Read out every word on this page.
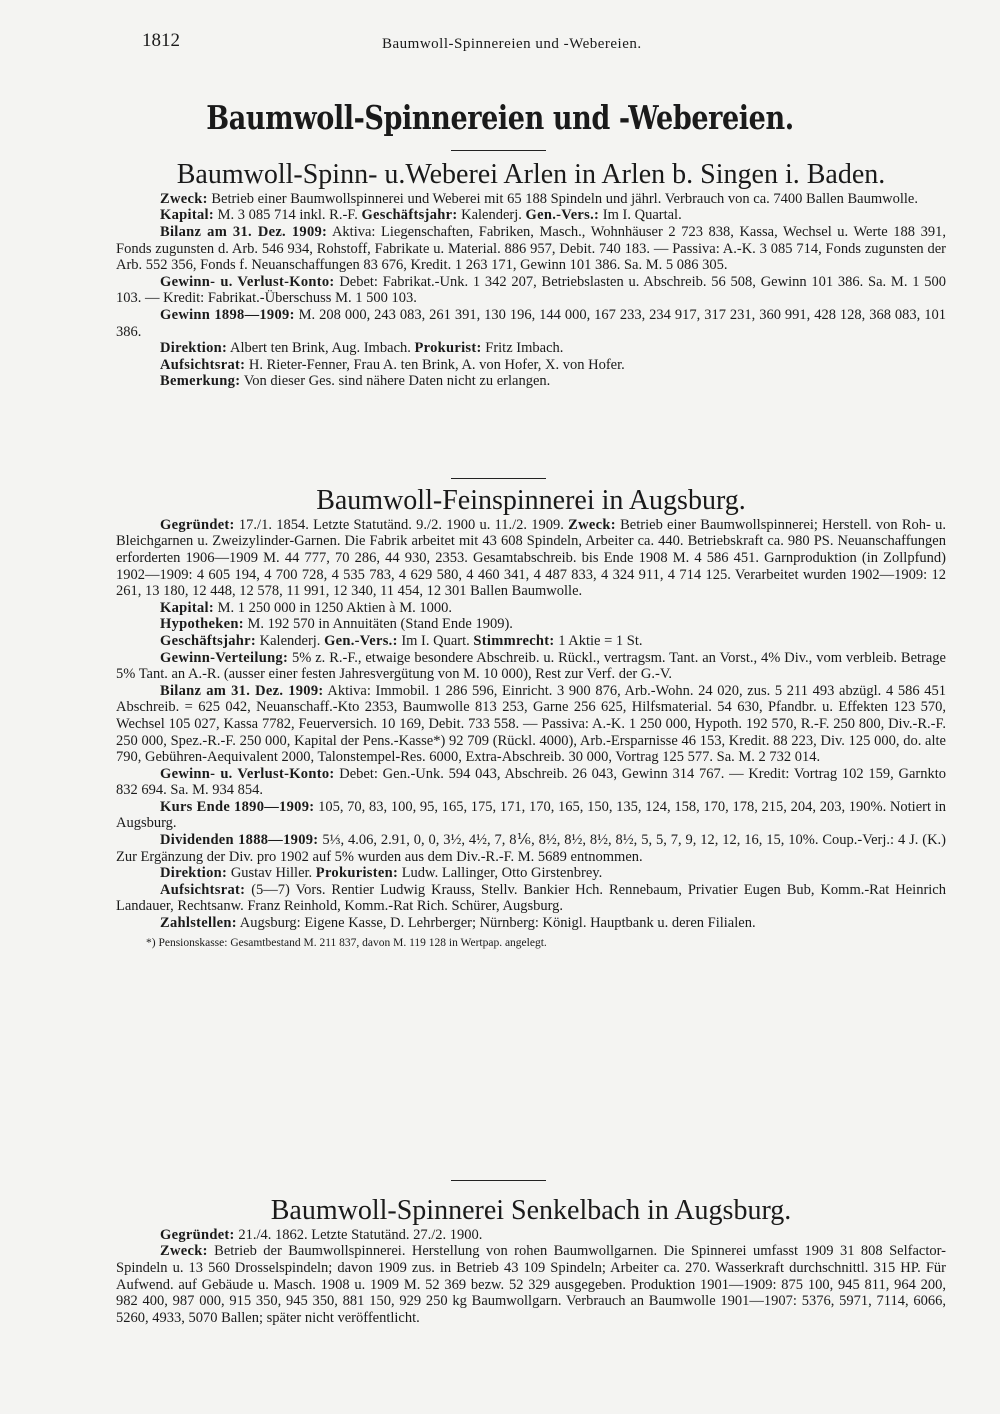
1812	Baumwoll-Spinnereien und -Webereien.
Baumwoll-Spinnereien und -Webereien.
Baumwoll-Spinn- u.Weberei Arlen in Arlen b. Singen i. Baden.

Zweck: Betrieb einer Baumwollspinnerei und Weberei mit 65 188 Spindeln und jährl. Verbrauch von ca. 7400 Ballen Baumwolle.

Kapital: M. 3 085 714 inkl. R.-F. Geschäftsjahr: Kalenderj. Gen.-Vers.: Im I. Quartal.

Bilanz am 31. Dez. 1909: Aktiva: Liegenschaften, Fabriken, Masch., Wohnhäuser 2 723 838, Kassa, Wechsel u. Werte 188 391, Fonds zugunsten d. Arb. 546 934, Rohstoff, Fabrikate u. Material. 886 957, Debit. 740 183. — Passiva: A.-K. 3 085 714, Fonds zugunsten der Arb. 552 356, Fonds f. Neuanschaffungen 83 676, Kredit. 1 263 171, Gewinn 101 386. Sa. M. 5 086 305.

Gewinn- u. Verlust-Konto: Debet: Fabrikat.-Unk. 1 342 207, Betriebslasten u. Abschreib. 56 508, Gewinn 101 386. Sa. M. 1 500 103. — Kredit: Fabrikat.-Überschuss M. 1 500 103.

Gewinn 1898—1909: M. 208 000, 243 083, 261 391, 130 196, 144 000, 167 233, 234 917, 317 231, 360 991, 428 128, 368 083, 101 386.

Direktion: Albert ten Brink, Aug. Imbach. Prokurist: Fritz Imbach.

Aufsichtsrat: H. Rieter-Fenner, Frau A. ten Brink, A. von Hofer, X. von Hofer.

Bemerkung: Von dieser Ges. sind nähere Daten nicht zu erlangen.

Baumwoll-Feinspinnerei in Augsburg.

Gegründet: 17./1. 1854. Letzte Statutänd. 9./2. 1900 u. 11./2. 1909. Zweck: Betrieb einer Baumwollspinnerei; Herstell. von Roh- u. Bleichgarnen u. Zweizylinder-Garnen. Die Fabrik arbeitet mit 43 608 Spindeln, Arbeiter ca. 440. Betriebskraft ca. 980 PS. Neuanschaffungen erforderten 1906—1909 M. 44 777, 70 286, 44 930, 2353. Gesamtabschreib. bis Ende 1908 M. 4 586 451. Garnproduktion (in Zollpfund) 1902—1909: 4 605 194, 4 700 728, 4 535 783, 4 629 580, 4 460 341, 4 487 833, 4 324 911, 4 714 125. Verarbeitet wurden 1902—1909: 12 261, 13 180, 12 448, 12 578, 11 991, 12 340, 11 454, 12 301 Ballen Baumwolle.

Kapital: M. 1 250 000 in 1250 Aktien à M. 1000.

Hypotheken: M. 192 570 in Annuitäten (Stand Ende 1909).

Geschäftsjahr: Kalenderj. Gen.-Vers.: Im I. Quart. Stimmrecht: 1 Aktie = 1 St.

Gewinn-Verteilung: 5% z. R.-F., etwaige besondere Abschreib. u. Rückl., vertragsm. Tant. an Vorst., 4% Div., vom verbleib. Betrage 5% Tant. an A.-R. (ausser einer festen Jahresvergütung von M. 10 000), Rest zur Verf. der G.-V.

Bilanz am 31. Dez. 1909: Aktiva: Immobil. 1 286 596, Einricht. 3 900 876, Arb.-Wohn. 24 020, zus. 5 211 493 abzügl. 4 586 451 Abschreib. = 625 042, Neuanschaff.-Kto 2353, Baumwolle 813 253, Garne 256 625, Hilfsmaterial. 54 630, Pfandbr. u. Effekten 123 570, Wechsel 105 027, Kassa 7782, Feuerversich. 10 169, Debit. 733 558. — Passiva: A.-K. 1 250 000, Hypoth. 192 570, R.-F. 250 800, Div.-R.-F. 250 000, Spez.-R.-F. 250 000, Kapital der Pens.-Kasse*) 92 709 (Rückl. 4000), Arb.-Ersparnisse 46 153, Kredit. 88 223, Div. 125 000, do. alte 790, Gebühren-Aequivalent 2000, Talonstempel-Res. 6000, Extra-Abschreib. 30 000, Vortrag 125 577. Sa. M. 2 732 014.

Gewinn- u. Verlust-Konto: Debet: Gen.-Unk. 594 043, Abschreib. 26 043, Gewinn 314 767. — Kredit: Vortrag 102 159, Garnkto 832 694. Sa. M. 934 854.

Kurs Ende 1890—1909: 105, 70, 83, 100, 95, 165, 175, 171, 170, 165, 150, 135, 124, 158, 170, 178, 215, 204, 203, 190%. Notiert in Augsburg.

Dividenden 1888—1909: 5⅓, 4.06, 2.91, 0, 0, 3½, 4½, 7, 8⅙, 8½, 8½, 8½, 8½, 5, 5, 7, 9, 12, 12, 16, 15, 10%. Coup.-Verj.: 4 J. (K.) Zur Ergänzung der Div. pro 1902 auf 5% wurden aus dem Div.-R.-F. M. 5689 entnommen.

Direktion: Gustav Hiller. Prokuristen: Ludw. Lallinger, Otto Girstenbrey.

Aufsichtsrat: (5—7) Vors. Rentier Ludwig Krauss, Stellv. Bankier Hch. Rennebaum, Privatier Eugen Bub, Komm.-Rat Heinrich Landauer, Rechtsanw. Franz Reinhold, Komm.-Rat Rich. Schürer, Augsburg.

Zahlstellen: Augsburg: Eigene Kasse, D. Lehrberger; Nürnberg: Königl. Hauptbank u. deren Filialen.

*) Pensionskasse: Gesamtbestand M. 211 837, davon M. 119 128 in Wertpap. angelegt.

Baumwoll-Spinnerei Senkelbach in Augsburg.

Gegründet: 21./4. 1862. Letzte Statutänd. 27./2. 1900.

Zweck: Betrieb der Baumwollspinnerei. Herstellung von rohen Baumwollgarnen. Die Spinnerei umfasst 1909 31 808 Selfactor-Spindeln u. 13 560 Drosselspindeln; davon 1909 zus. in Betrieb 43 109 Spindeln; Arbeiter ca. 270. Wasserkraft durchschnittl. 315 HP. Für Aufwend. auf Gebäude u. Masch. 1908 u. 1909 M. 52 369 bezw. 52 329 ausgegeben. Produktion 1901—1909: 875 100, 945 811, 964 200, 982 400, 987 000, 915 350, 945 350, 881 150, 929 250 kg Baumwollgarn. Verbrauch an Baumwolle 1901—1907: 5376, 5971, 7114, 6066, 5260, 4933, 5070 Ballen; später nicht veröffentlicht.
